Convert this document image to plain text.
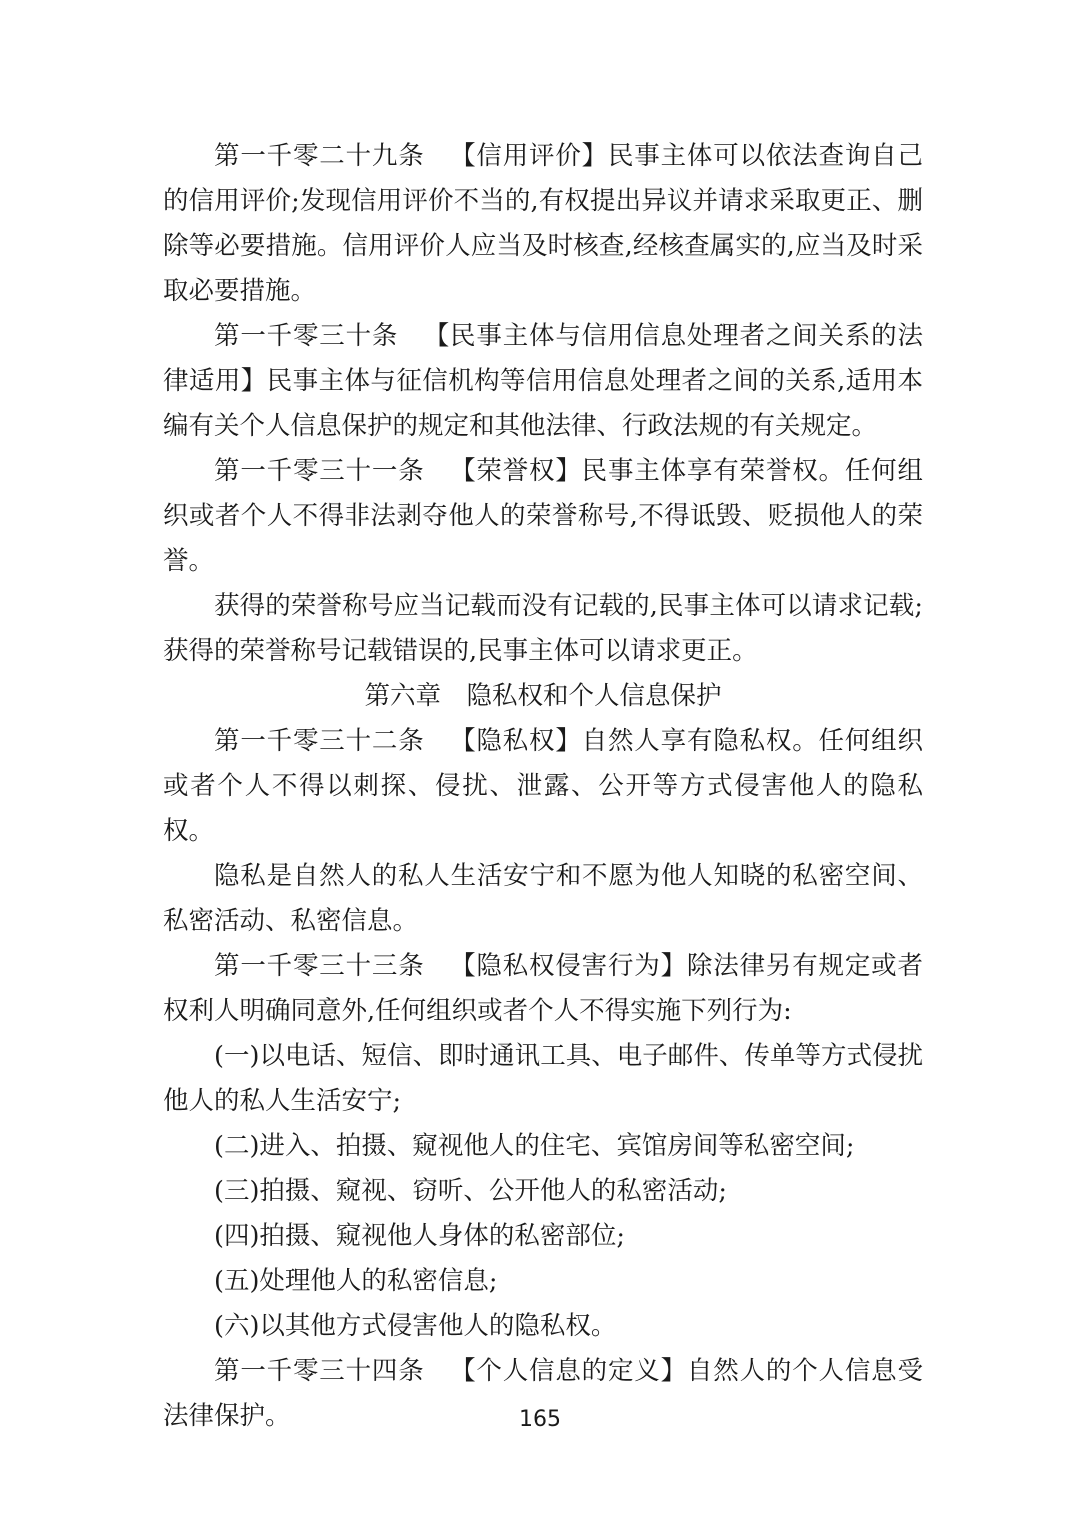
第一千零二十九条 【信用评价】民事主体可以依法查询自己的信用评价;发现信用评价不当的,有权提出异议并请求采取更正、删除等必要措施。信用评价人应当及时核查,经核查属实的,应当及时采取必要措施。

第一千零三十条 【民事主体与信用信息处理者之间关系的法律适用】民事主体与征信机构等信用信息处理者之间的关系,适用本编有关个人信息保护的规定和其他法律、行政法规的有关规定。

第一千零三十一条 【荣誉权】民事主体享有荣誉权。任何组织或者个人不得非法剥夺他人的荣誉称号,不得诋毁、贬损他人的荣誉。

获得的荣誉称号应当记载而没有记载的,民事主体可以请求记载;获得的荣誉称号记载错误的,民事主体可以请求更正。

第六章　隐私权和个人信息保护

第一千零三十二条 【隐私权】自然人享有隐私权。任何组织或者个人不得以刺探、侵扰、泄露、公开等方式侵害他人的隐私权。

隐私是自然人的私人生活安宁和不愿为他人知晓的私密空间、私密活动、私密信息。

第一千零三十三条 【隐私权侵害行为】除法律另有规定或者权利人明确同意外,任何组织或者个人不得实施下列行为:

(一)以电话、短信、即时通讯工具、电子邮件、传单等方式侵扰他人的私人生活安宁;

(二)进入、拍摄、窥视他人的住宅、宾馆房间等私密空间;

(三)拍摄、窥视、窃听、公开他人的私密活动;

(四)拍摄、窥视他人身体的私密部位;

(五)处理他人的私密信息;

(六)以其他方式侵害他人的隐私权。

第一千零三十四条 【个人信息的定义】自然人的个人信息受法律保护。	165
